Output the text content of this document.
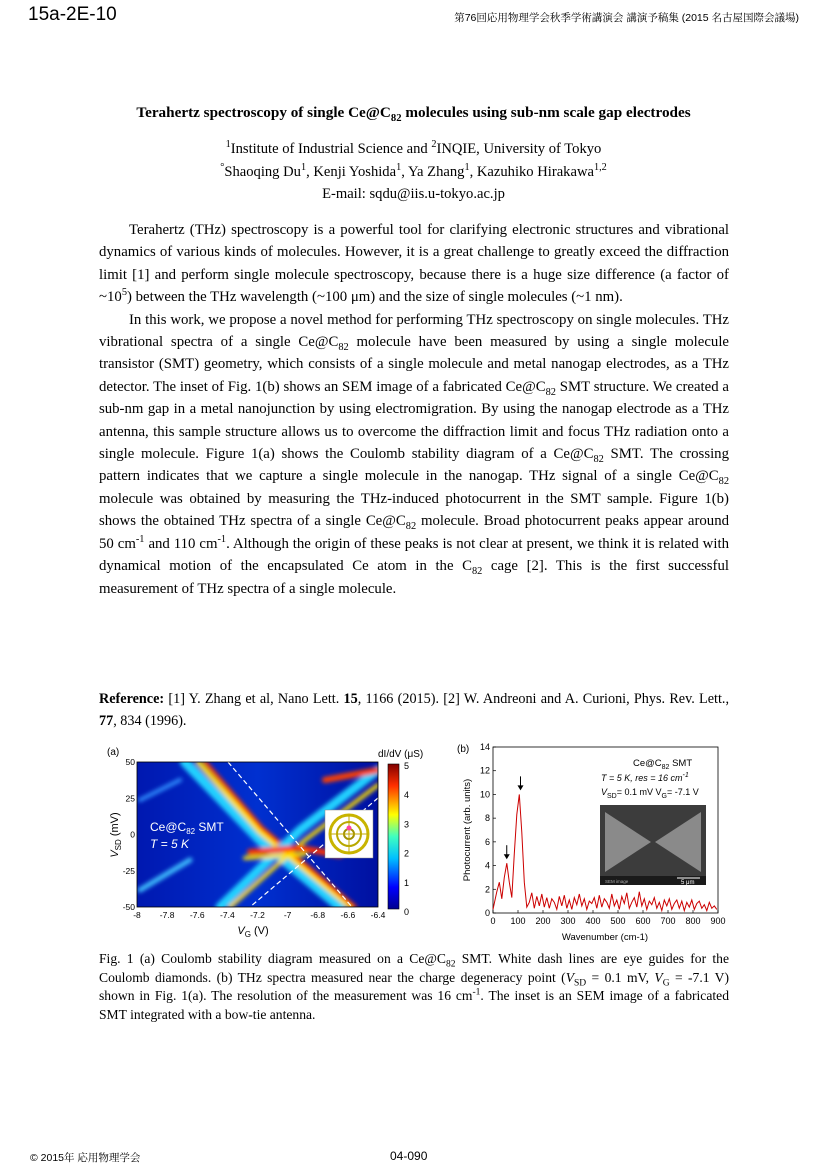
15a-2E-10	第76回応用物理学会秋季学術講演会 講演予稿集 (2015 名古屋国際会議場)
Terahertz spectroscopy of single $Ce@C_{82}$ molecules using sub-nm scale gap electrodes
$^1$Institute of Industrial Science and $^2$INQIE, University of Tokyo
°Shaoqing Du$^1$, Kenji Yoshida$^1$, Ya Zhang$^1$, Kazuhiko Hirakawa$^{1,2}$
E-mail: sqdu@iis.u-tokyo.ac.jp

Terahertz (THz) spectroscopy is a powerful tool for clarifying electronic structures and vibrational dynamics of various kinds of molecules. However, it is a great challenge to greatly exceed the diffraction limit [1] and perform single molecule spectroscopy, because there is a huge size difference (a factor of $\sim 10^5$) between the THz wavelength (~100 μm) and the size of single molecules (~1 nm).

In this work, we propose a novel method for performing THz spectroscopy on single molecules. THz vibrational spectra of a single $Ce@C_{82}$ molecule have been measured by using a single molecule transistor (SMT) geometry, which consists of a single molecule and metal nanogap electrodes, as a THz detector. The inset of Fig. 1(b) shows an SEM image of a fabricated $Ce@C_{82}$ SMT structure. We created a sub-nm gap in a metal nanojunction by using electromigration. By using the nanogap electrode as a THz antenna, this sample structure allows us to overcome the diffraction limit and focus THz radiation onto a single molecule. Figure 1(a) shows the Coulomb stability diagram of a $Ce@C_{82}$ SMT. The crossing pattern indicates that we capture a single molecule in the nanogap. THz signal of a single $Ce@C_{82}$ molecule was obtained by measuring the THz-induced photocurrent in the SMT sample. Figure 1(b) shows the obtained THz spectra of a single $Ce@C_{82}$ molecule. Broad photocurrent peaks appear around 50 $cm^{-1}$ and 110 $cm^{-1}$. Although the origin of these peaks is not clear at present, we think it is related with dynamical motion of the encapsulated Ce atom in the $C_{82}$ cage [2]. This is the first successful measurement of THz spectra of a single molecule.

Reference: [1] Y. Zhang et al, Nano Lett. 15, 1166 (2015). [2] W. Andreoni and A. Curioni, Phys. Rev. Lett., 77, 834 (1996).
(a)
$Ce@C_{82}$ SMT
T = 5 K
-8 -7.8 -7.6 -7.4 -7.2 -7 -6.8 -6.6 -6.4
50
25
0
-25
-50
$V_G$ (V)
$V_{SD}$ (mV)
dI/dV (μS)
5
4
3
2
1
0
(b)
0 100 200 300 400 500 600 700 800 900
0
2
4
6
8
10
12
14
Wavenumber (cm-1)
Photocurrent (arb. units)
$Ce@C_{82}$ SMT
T = 5 K, res = 16 $cm^{-1}$
$V_{SD}= 0.1$ mV $V_G= -7.1$ V
SEM image	5 μm
Fig. 1 (a) Coulomb stability diagram measured on a $Ce@C_{82}$ SMT. White dash lines are eye guides for the Coulomb diamonds. (b) THz spectra measured near the charge degeneracy point ($V_{SD} = 0.1$ mV, $V_G = -7.1$ V) shown in Fig. 1(a). The resolution of the measurement was 16 $cm^{-1}$. The inset is an SEM image of a fabricated SMT integrated with a bow-tie antenna.
© 2015年 応用物理学会	04-090
